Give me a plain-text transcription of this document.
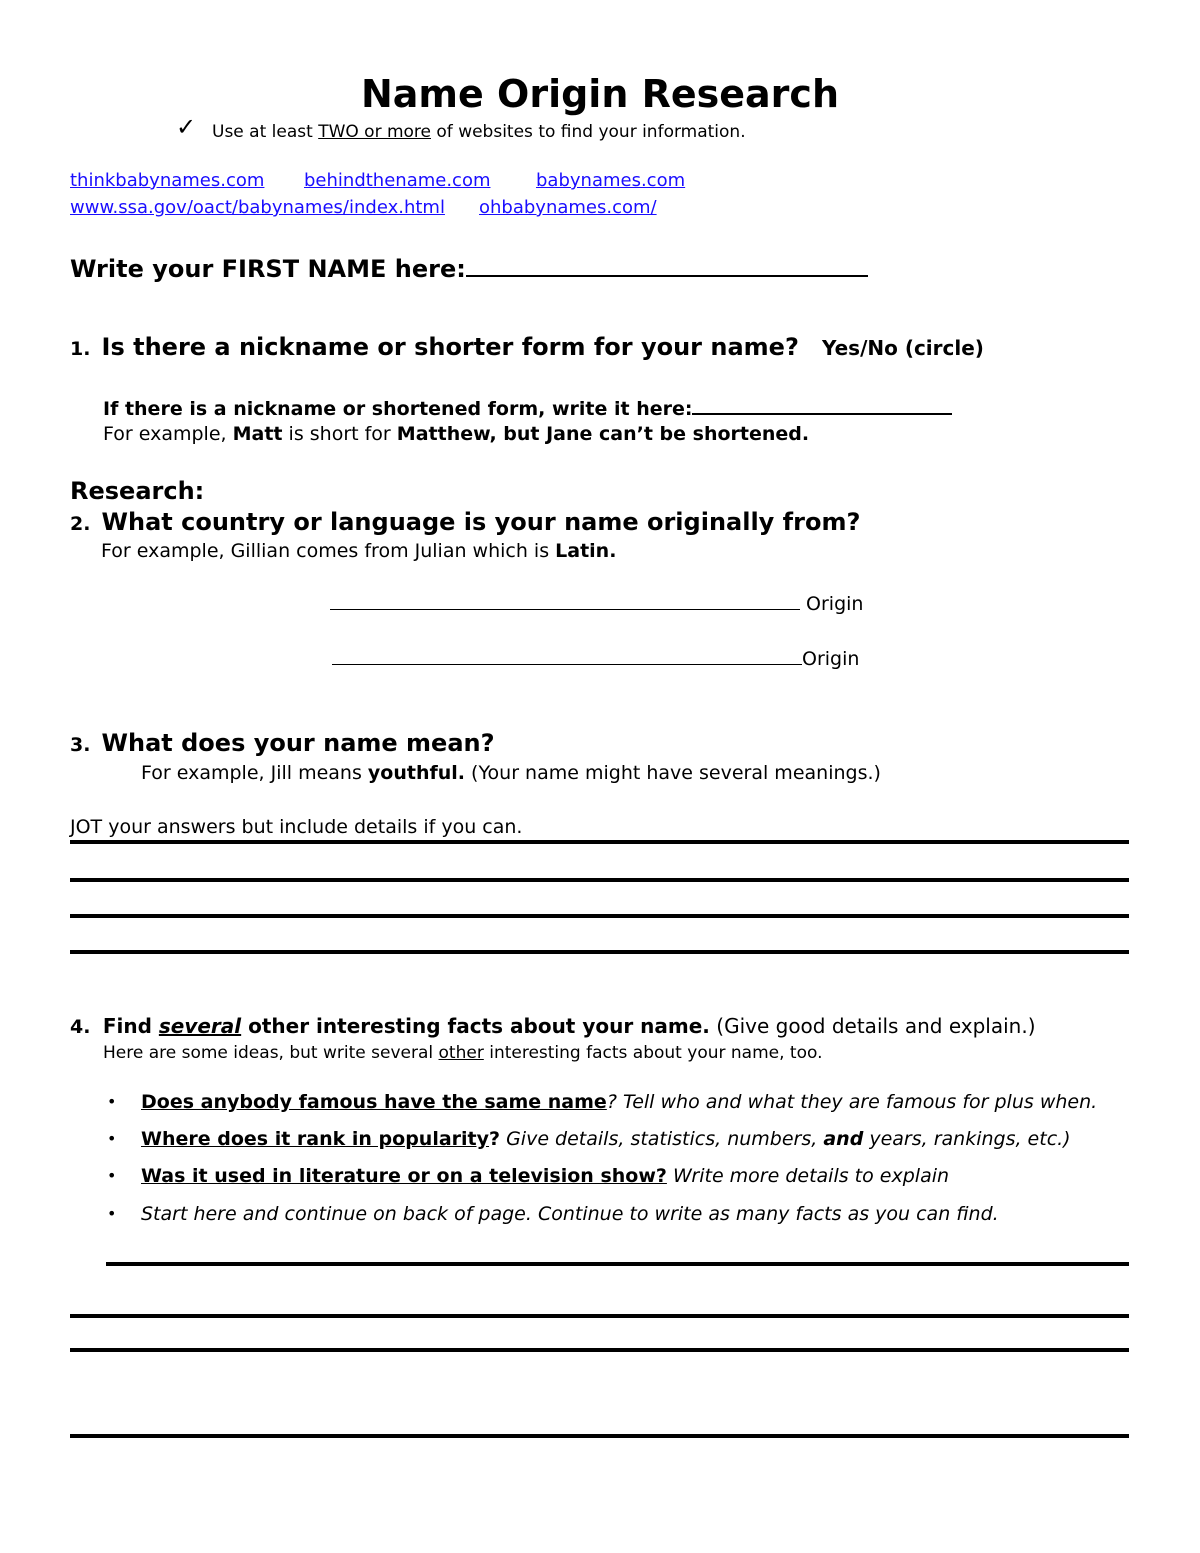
Name Origin Research
✓ Use at least TWO or more of websites to find your information.
thinkbabynames.com behindthename.com	babynames.com
www.ssa.gov/oact/babynames/index.html ohbabynames.com/
Write your FIRST NAME here:
1. Is there a nickname or shorter form for your name? Yes/No (circle)
If there is a nickname or shortened form, write it here:
For example, Matt is short for Matthew, but Jane can’t be shortened.
Research:
2. What country or language is your name originally from?
For example, Gillian comes from Julian which is Latin.
Origin
Origin
3. What does your name mean?
For example, Jill means youthful. (Your name might have several meanings.)
JOT your answers but include details if you can.
4. Find several other interesting facts about your name. (Give good details and explain.)
Here are some ideas, but write several other interesting facts about your name, too.
• Does anybody famous have the same name? Tell who and what they are famous for plus when.
• Where does it rank in popularity? Give details, statistics, numbers, and years, rankings, etc.)
• Was it used in literature or on a television show? Write more details to explain
• Start here and continue on back of page. Continue to write as many facts as you can find.
